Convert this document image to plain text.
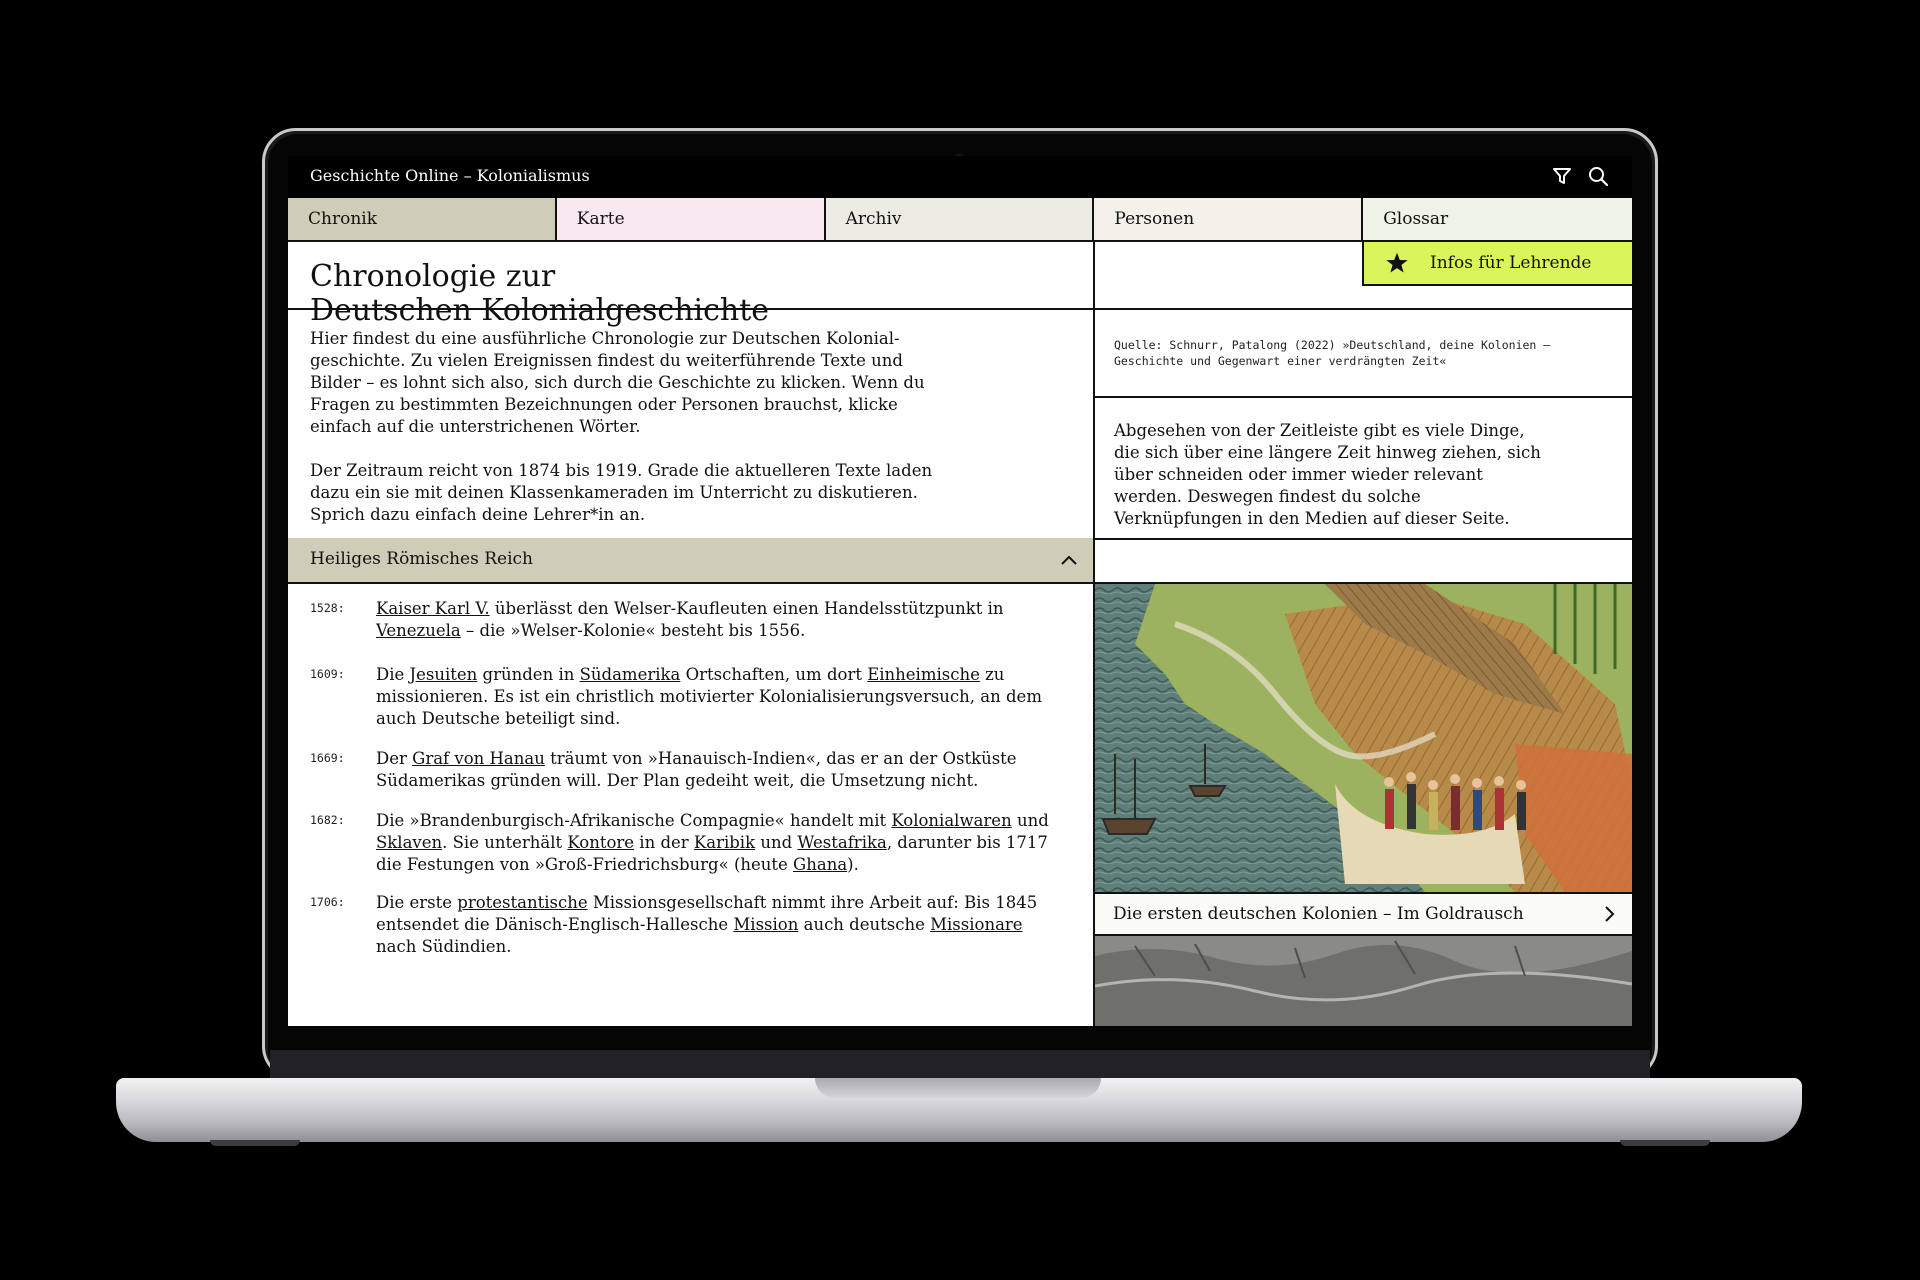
Geschichte Online – Kolonialismus
Chronik	Karte	Archiv	Personen	Glossar
Infos für Lehrende
Chronologie zur
Deutschen Kolonialgeschichte

Hier findest du eine ausführliche Chronologie zur Deutschen Kolonial-geschichte. Zu vielen Ereignissen findest du weiterführende Texte und Bilder – es lohnt sich also, sich durch die Geschichte zu klicken. Wenn du Fragen zu bestimmten Bezeichnungen oder Personen brauchst, klicke einfach auf die unterstrichenen Wörter.

Der Zeitraum reicht von 1874 bis 1919. Grade die aktuelleren Texte laden dazu ein sie mit deinen Klassenkameraden im Unterricht zu diskutieren. Sprich dazu einfach deine Lehrer*in an.

Quelle: Schnurr, Patalong (2022) »Deutschland, deine Kolonien – Geschichte und Gegenwart einer verdrängten Zeit«
Abgesehen von der Zeitleiste gibt es viele Dinge, die sich über eine längere Zeit hinweg ziehen, sich über schneiden oder immer wieder relevant werden. Deswegen findest du solche Verknüpfungen in den Medien auf dieser Seite.
Heiliges Römisches Reich
1528: Kaiser Karl V. überlässt den Welser-Kaufleuten einen Handelsstützpunkt in Venezuela – die »Welser-Kolonie« besteht bis 1556.
1609: Die Jesuiten gründen in Südamerika Ortschaften, um dort Einheimische zu missionieren. Es ist ein christlich motivierter Kolonialisierungsversuch, an dem auch Deutsche beteiligt sind.
1669: Der Graf von Hanau träumt von »Hanauisch-Indien«, das er an der Ostküste Südamerikas gründen will. Der Plan gedeiht weit, die Umsetzung nicht.
1682: Die »Brandenburgisch-Afrikanische Compagnie« handelt mit Kolonialwaren und Sklaven. Sie unterhält Kontore in der Karibik und Westafrika, darunter bis 1717 die Festungen von »Groß-Friedrichsburg« (heute Ghana).
1706: Die erste protestantische Missionsgesellschaft nimmt ihre Arbeit auf: Bis 1845 entsendet die Dänisch-Englisch-Hallesche Mission auch deutsche Missionare nach Südindien.
Die ersten deutschen Kolonien – Im Goldrausch
